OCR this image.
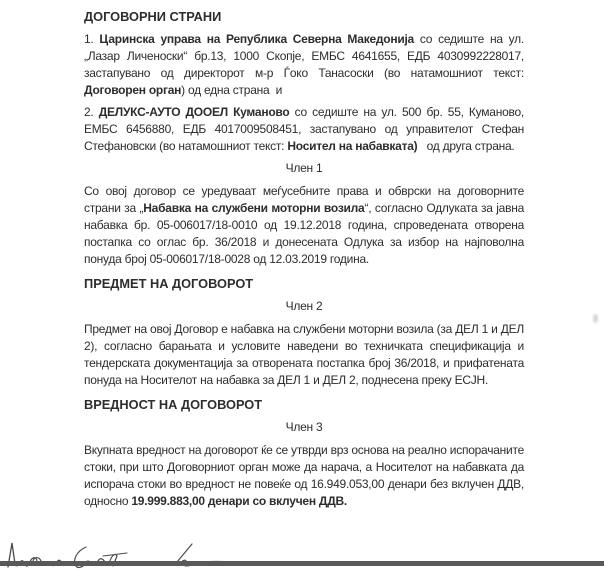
ДОГОВОРНИ СТРАНИ
1. Царинска управа на Република Северна Македонија со седиште на ул.„Лазар Личеноски“ бр.13, 1000 Скопје, ЕМБС 4641655, ЕДБ 4030992228017, застапувано од директорот м-р Ѓоко Танасоски (во натамошниот текст: Договорен орган) од една страна  и
2. ДЕЛУКС-АУТО ДООЕЛ Куманово со седиште на ул. 500 бр. 55, Куманово, ЕМБС 6456880, ЕДБ 4017009508451, застапувано од управителот Стефан Стефановски (во натамошниот текст: Носител на набавката)   од друга страна.
Член 1
Со овој договор се уредуваат меѓусебните права и обврски на договорните страни за „Набавка на службени моторни возила“, согласно Одлуката за јавна набавка бр. 05-006017/18-0010 од 19.12.2018 година, спроведената отворена постапка со оглас бр. 36/2018 и донесената Одлука за избор на најповолна понуда број 05-006017/18-0028 од 12.03.2019 година.
ПРЕДМЕТ НА ДОГОВОРОТ
Член 2
Предмет на овој Договор е набавка на службени моторни возила (за ДЕЛ 1 и ДЕЛ 2), согласно барањата и условите наведени во техничката спецификација и тендерската документација за отворената постапка број 36/2018, и прифатената понуда на Носителот на набавка за ДЕЛ 1 и ДЕЛ 2, поднесена преку ЕСЈН.
ВРЕДНОСТ НА ДОГОВОРОТ
Член 3
Вкупната вредност на договорот ќе се утврди врз основа на реално испорачаните стоки, при што Договорниот орган може да нарача, а Носителот на набавката да испорача стоки во вредност не повеќе од 16.949.053,00 денари без вклучен ДДВ, односно 19.999.883,00 денари со вклучен ДДВ.
